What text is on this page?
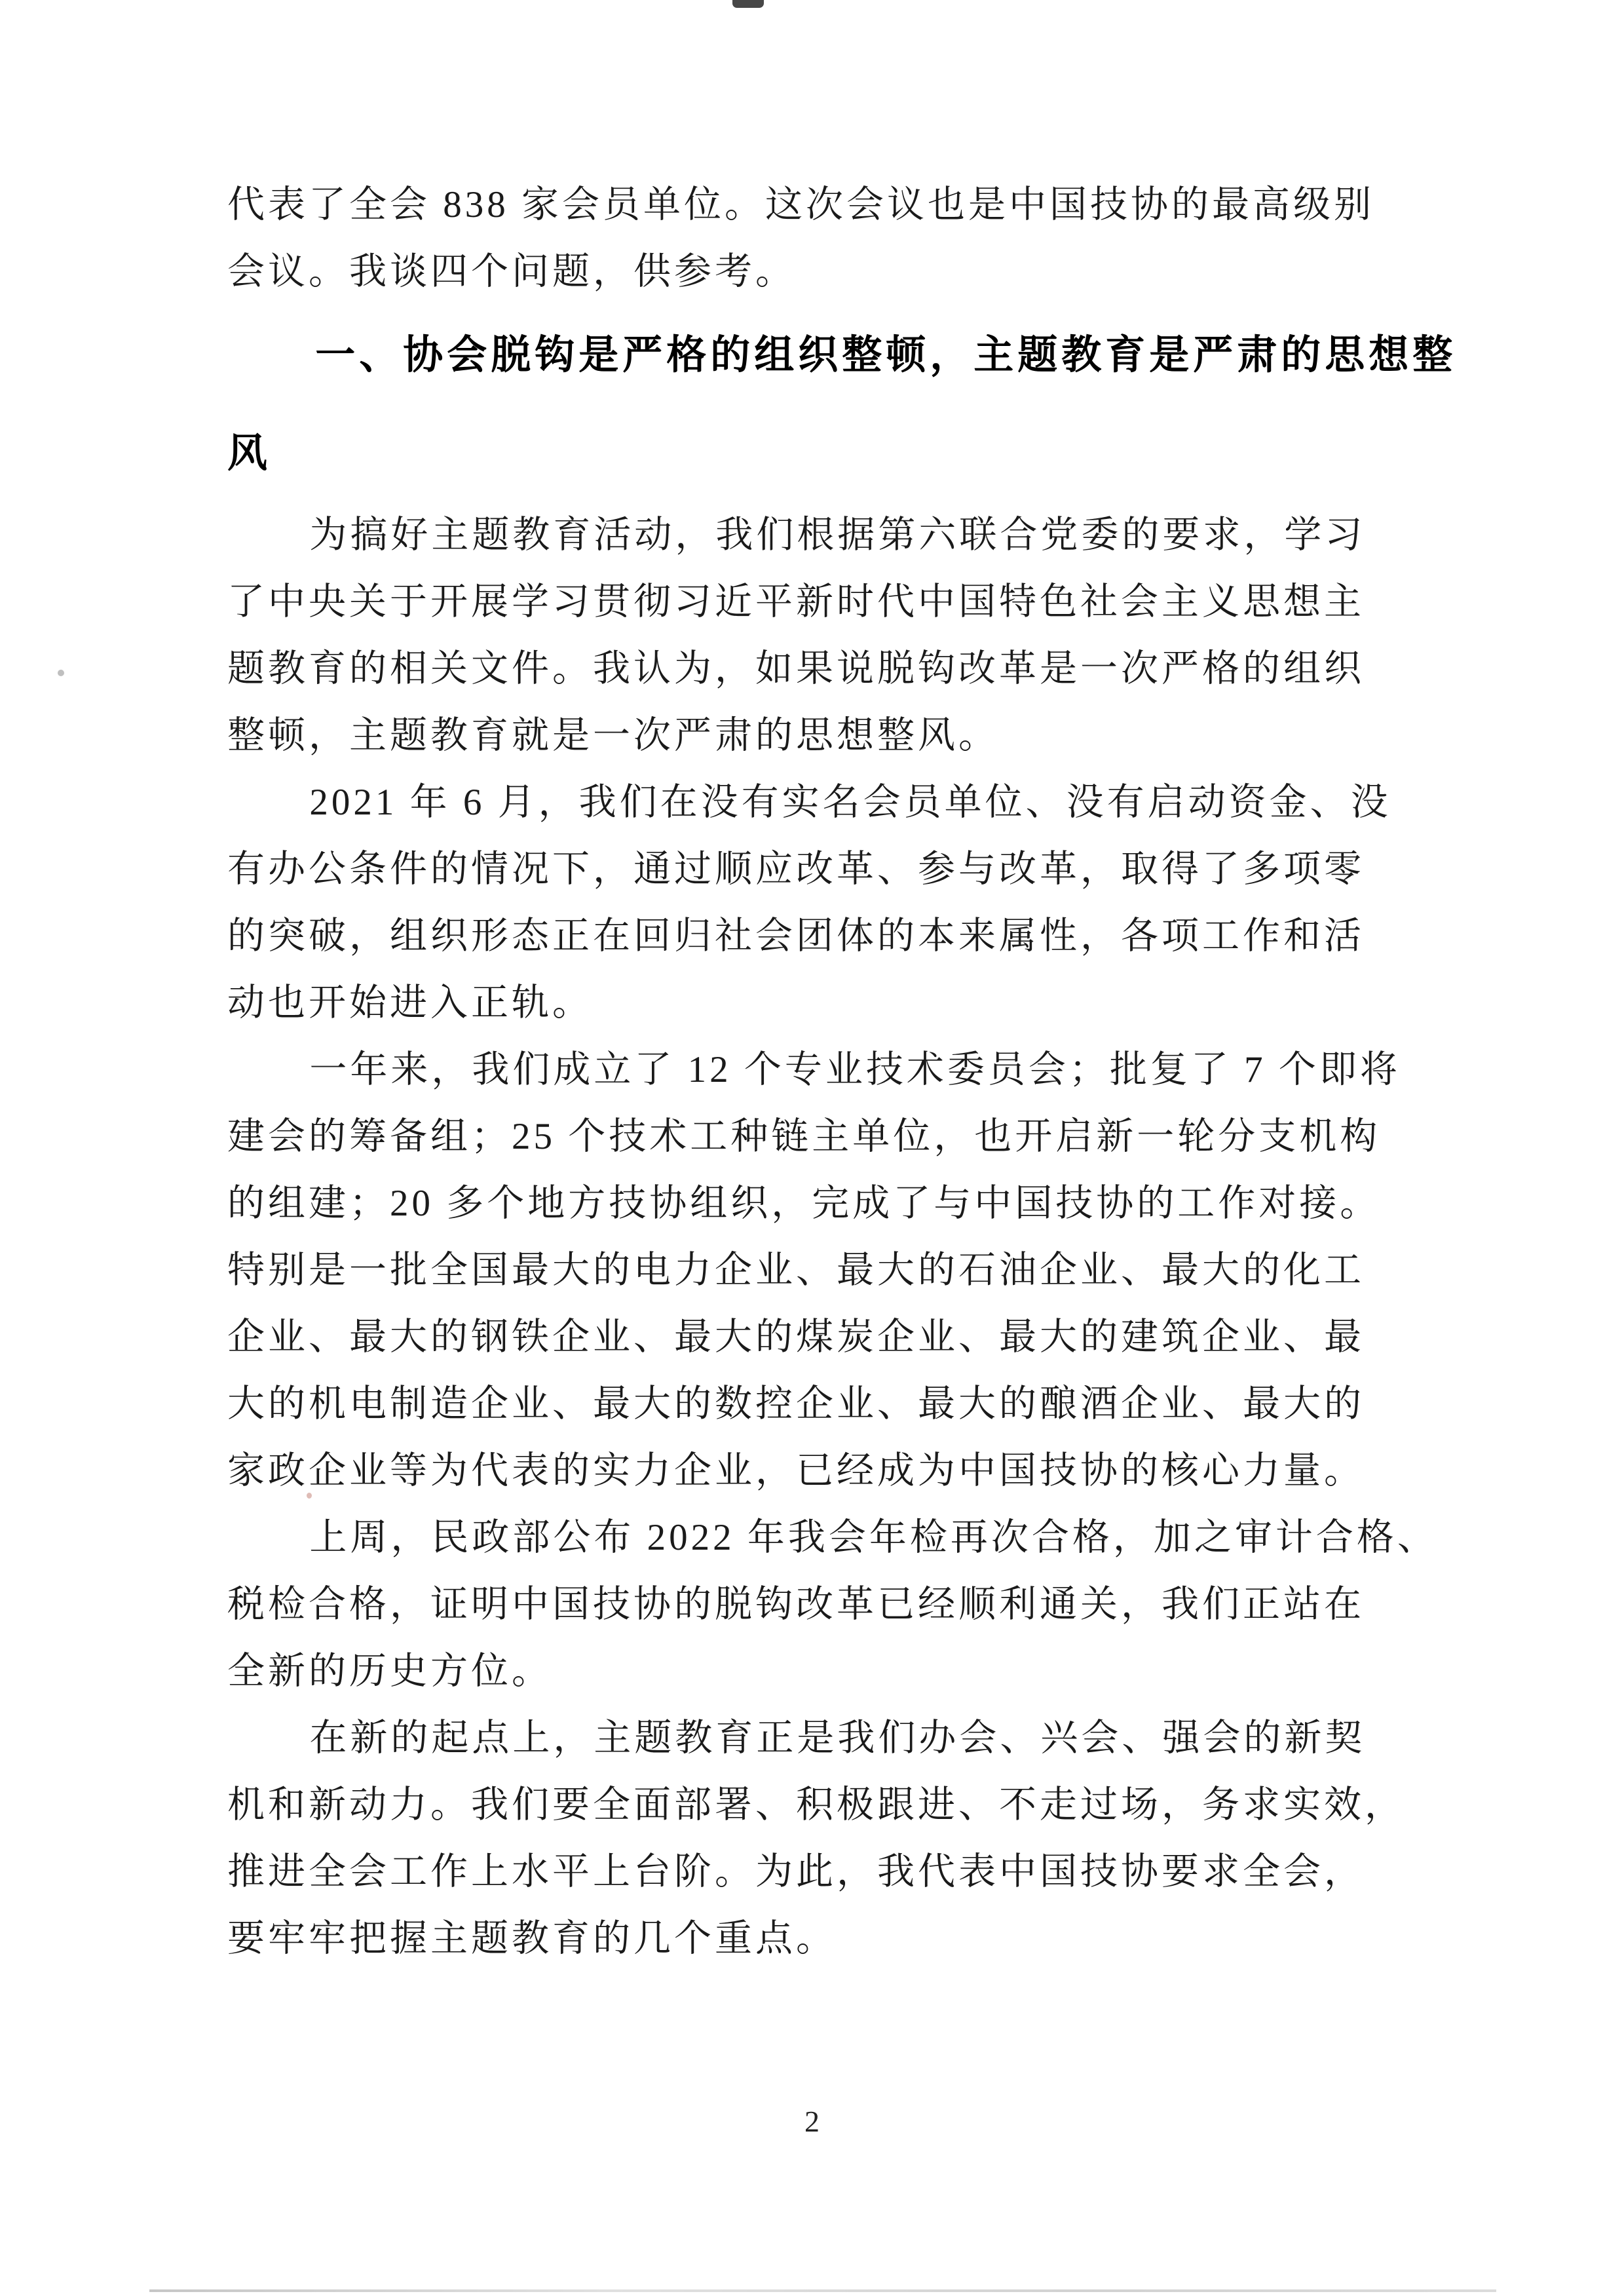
代表了全会 838 家会员单位。这次会议也是中国技协的最高级别
会议。我谈四个问题，供参考。
一、协会脱钩是严格的组织整顿，主题教育是严肃的思想整
风
为搞好主题教育活动，我们根据第六联合党委的要求，学习
了中央关于开展学习贯彻习近平新时代中国特色社会主义思想主
题教育的相关文件。我认为，如果说脱钩改革是一次严格的组织
整顿，主题教育就是一次严肃的思想整风。
2021 年 6 月，我们在没有实名会员单位、没有启动资金、没
有办公条件的情况下，通过顺应改革、参与改革，取得了多项零
的突破，组织形态正在回归社会团体的本来属性，各项工作和活
动也开始进入正轨。
一年来，我们成立了 12 个专业技术委员会；批复了 7 个即将
建会的筹备组；25 个技术工种链主单位，也开启新一轮分支机构
的组建；20 多个地方技协组织，完成了与中国技协的工作对接。
特别是一批全国最大的电力企业、最大的石油企业、最大的化工
企业、最大的钢铁企业、最大的煤炭企业、最大的建筑企业、最
大的机电制造企业、最大的数控企业、最大的酿酒企业、最大的
家政企业等为代表的实力企业，已经成为中国技协的核心力量。
上周，民政部公布 2022 年我会年检再次合格，加之审计合格、
税检合格，证明中国技协的脱钩改革已经顺利通关，我们正站在
全新的历史方位。
在新的起点上，主题教育正是我们办会、兴会、强会的新契
机和新动力。我们要全面部署、积极跟进、不走过场，务求实效，
推进全会工作上水平上台阶。为此，我代表中国技协要求全会，
要牢牢把握主题教育的几个重点。
2
